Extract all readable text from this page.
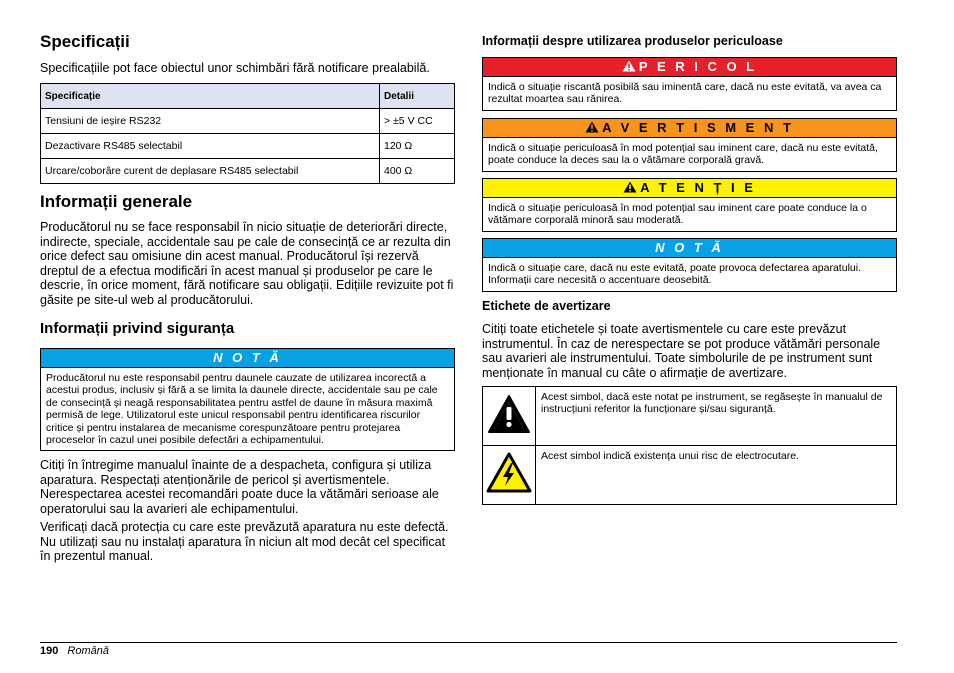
Specificații

Specificațiile pot face obiectul unor schimbări fără notificare prealabilă.

Specificație	Detalii
Tensiuni de ieșire RS232	> ±5 V CC
Dezactivare RS485 selectabil	120 Ω
Urcare/coborâre curent de deplasare RS485 selectabil	400 Ω
Informații generale

Producătorul nu se face responsabil în nicio situație de deteriorări directe, indirecte, speciale, accidentale sau pe cale de consecință ce ar rezulta din orice defect sau omisiune din acest manual. Producătorul își rezervă dreptul de a efectua modificări în acest manual și produselor pe care le descrie, în orice moment, fără notificare sau obligații. Edițiile revizuite pot fi găsite pe site-ul web al producătorului.

Informații privind siguranța
N O T Ă
Producătorul nu este responsabil pentru daunele cauzate de utilizarea incorectă a acestui produs, inclusiv și fără a se limita la daunele directe, accidentale sau pe cale de consecință și neagă responsabilitatea pentru astfel de daune în măsura maximă permisă de lege. Utilizatorul este unicul responsabil pentru identificarea riscurilor critice și pentru instalarea de mecanisme corespunzătoare pentru protejarea proceselor în cazul unei posibile defectări a echipamentului.

Citiți în întregime manualul înainte de a despacheta, configura și utiliza aparatura. Respectați atenționările de pericol și avertismentele. Nerespectarea acestei recomandări poate duce la vătămări serioase ale operatorului sau la avarieri ale echipamentului.

Verificați dacă protecția cu care este prevăzută aparatura nu este defectă. Nu utilizați sau nu instalați aparatura în niciun alt mod decât cel specificat în prezentul manual.

Informații despre utilizarea produselor periculoase
P E R I C O L
Indică o situație riscantă posibilă sau iminentă care, dacă nu este evitată, va avea ca rezultat moartea sau rănirea.
A V E R T I S M E N T
Indică o situație periculoasă în mod potențial sau iminent care, dacă nu este evitată, poate conduce la deces sau la o vătămare corporală gravă.
A T E N Ț I E
Indică o situație periculoasă în mod potențial sau iminent care poate conduce la o vătămare corporală minoră sau moderată.
N O T Ă
Indică o situație care, dacă nu este evitată, poate provoca defectarea aparatului. Informații care necesită o accentuare deosebită.
Etichete de avertizare

Citiți toate etichetele și toate avertismentele cu care este prevăzut instrumentul. În caz de nerespectare se pot produce vătămări personale sau avarieri ale instrumentului. Toate simbolurile de pe instrument sunt menționate în manual cu câte o afirmație de avertizare.

	Acest simbol, dacă este notat pe instrument, se regăsește în manualul de instrucțiuni referitor la funcționare și/sau siguranță.
	Acest simbol indică existența unui risc de electrocutare.
190 Română
